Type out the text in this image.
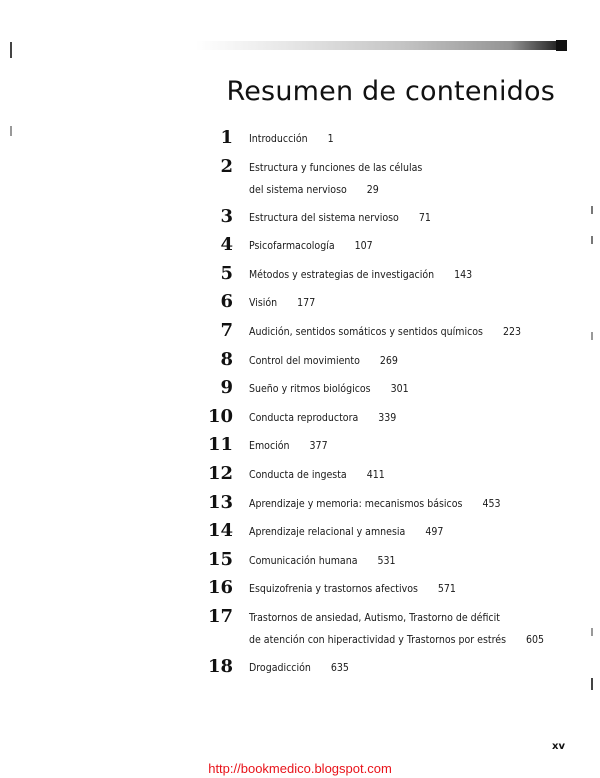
Resumen de contenidos
1 Introducción 1
2 Estructura y funciones de las células
del sistema nervioso 29
3 Estructura del sistema nervioso 71
4 Psicofarmacología 107
5 Métodos y estrategias de investigación 143
6 Visión 177
7 Audición, sentidos somáticos y sentidos químicos 223
8 Control del movimiento 269
9 Sueño y ritmos biológicos 301
10 Conducta reproductora 339
11 Emoción 377
12 Conducta de ingesta 411
13 Aprendizaje y memoria: mecanismos básicos 453
14 Aprendizaje relacional y amnesia 497
15 Comunicación humana 531
16 Esquizofrenia y trastornos afectivos 571
17 Trastornos de ansiedad, Autismo, Trastorno de déficit
de atención con hiperactividad y Trastornos por estrés 605
18 Drogadicción 635
xv
http://bookmedico.blogspot.com
